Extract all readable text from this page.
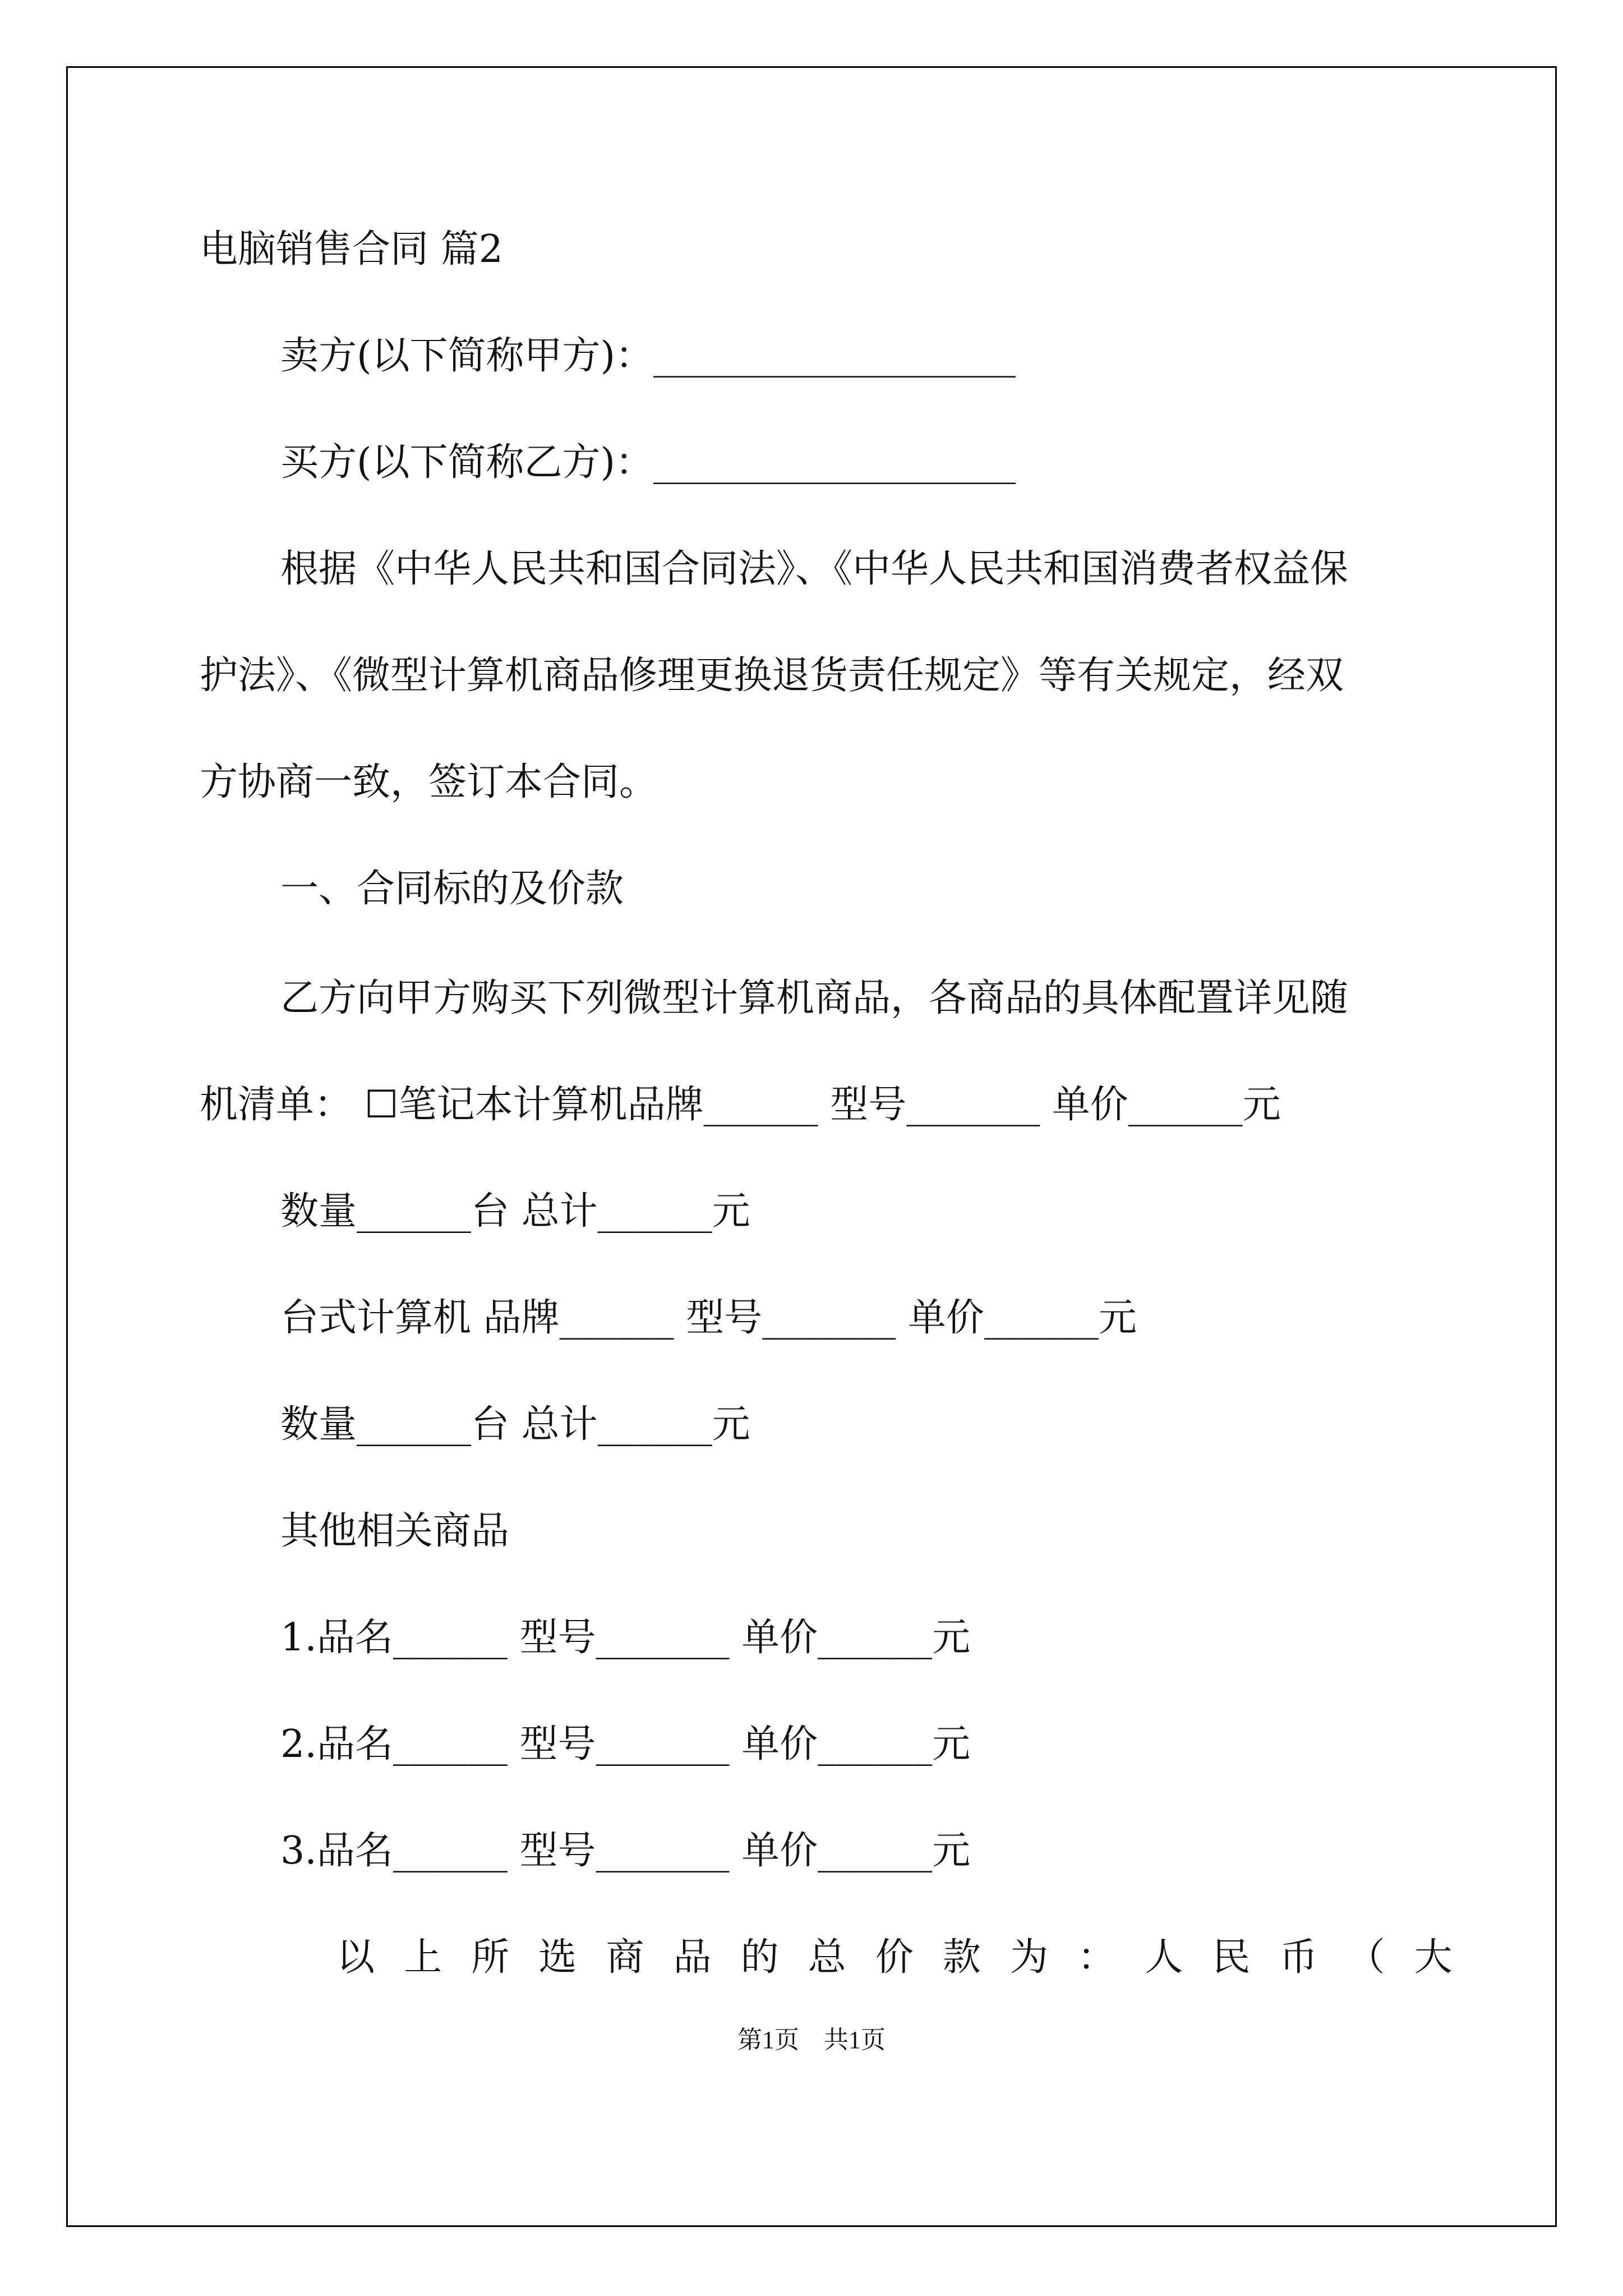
电脑销售合同 篇2
卖方(以下简称甲方)：___________________
买方(以下简称乙方)：___________________
根据《中华人民共和国合同法》、《中华人民共和国消费者权益保
护法》、《微型计算机商品修理更换退货责任规定》等有关规定，经双
方协商一致，签订本合同。
一、合同标的及价款
乙方向甲方购买下列微型计算机商品，各商品的具体配置详见随
机清单： ☐笔记本计算机品牌______ 型号_______ 单价______元
数量______台 总计______元
台式计算机 品牌______ 型号_______ 单价______元
数量______台 总计______元
其他相关商品
1.品名______ 型号_______ 单价______元
2.品名______ 型号_______ 单价______元
3.品名______ 型号_______ 单价______元
以 上 所 选 商 品 的 总 价 款 为 ： 人 民 币 （ 大
第1页　共1页
